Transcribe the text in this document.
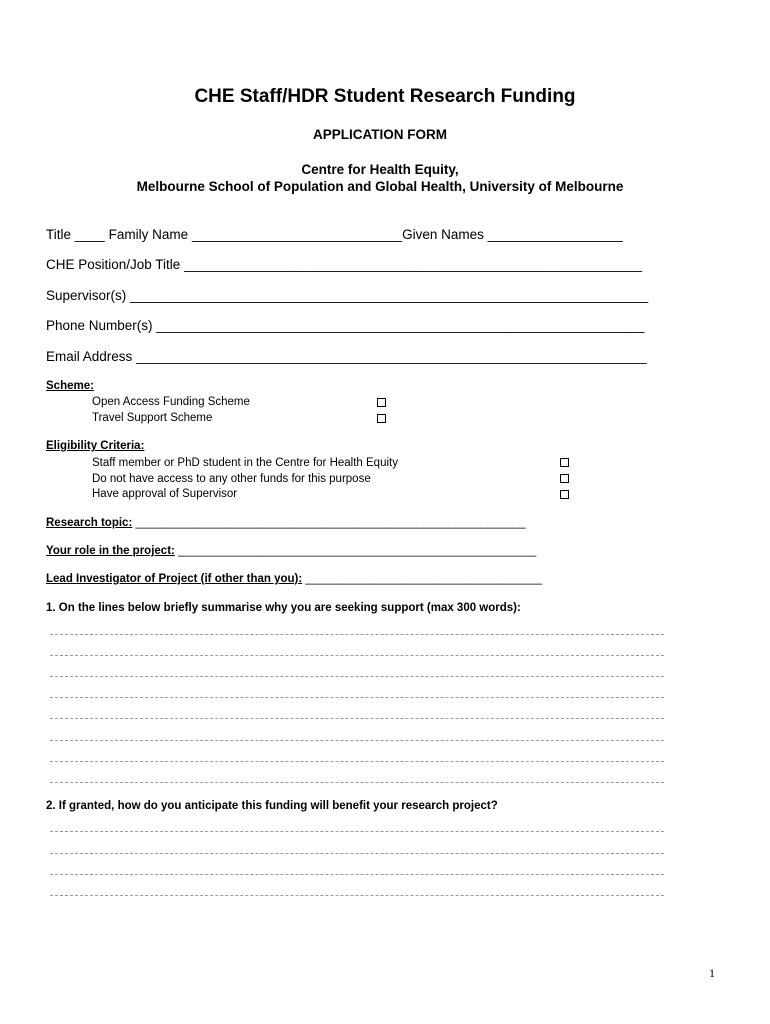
CHE Staff/HDR Student Research Funding
APPLICATION FORM
Centre for Health Equity,
Melbourne School of Population and Global Health, University of Melbourne
Title ____ Family Name ____________________________Given Names __________________
CHE Position/Job Title _____________________________________________________________
Supervisor(s) _____________________________________________________________________
Phone Number(s) _________________________________________________________________
Email Address ____________________________________________________________________
Scheme:
Open Access Funding Scheme
Travel Support Scheme
Eligibility Criteria:
Staff member or PhD student in the Centre for Health Equity
Do not have access to any other funds for this purpose
Have approval of Supervisor
Research topic: _____________________________________________________________
Your role in the project: ________________________________________________________
Lead Investigator of Project (if other than you): _____________________________________
1. On the lines below briefly summarise why you are seeking support (max 300 words):
2. If granted, how do you anticipate this funding will benefit your research project?
1
